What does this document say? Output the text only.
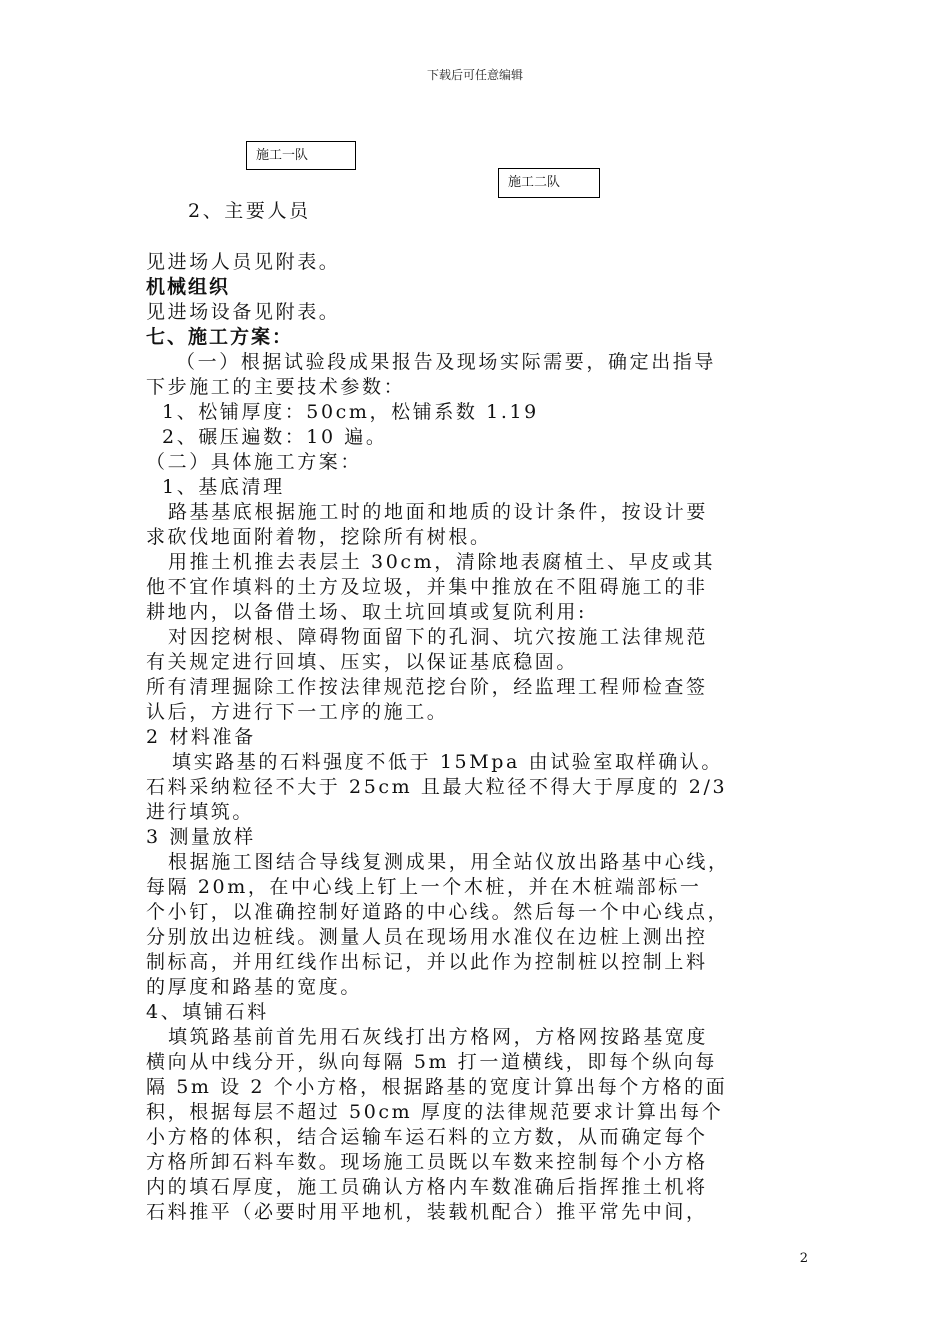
下载后可任意编辑
施工一队
施工二队
2、主要人员
见进场人员见附表。
机械组织
见进场设备见附表。
七、施工方案：
（一）根据试验段成果报告及现场实际需要，确定出指导
下步施工的主要技术参数：
1、松铺厚度：50cm，松铺系数 1.19
2、碾压遍数：10 遍。
（二）具体施工方案：
1、基底清理
路基基底根据施工时的地面和地质的设计条件，按设计要
求砍伐地面附着物，挖除所有树根。
用推土机推去表层土 30cm，清除地表腐植土、早皮或其
他不宜作填料的土方及垃圾，并集中推放在不阻碍施工的非
耕地内，以备借土场、取土坑回填或复阬利用:
对因挖树根、障碍物面留下的孔洞、坑穴按施工法律规范
有关规定进行回填、压实，以保证基底稳固。
所有清理掘除工作按法律规范挖台阶，经监理工程师检查签
认后，方进行下一工序的施工。
2 材料准备
填实路基的石料强度不低于 15Mpa 由试验室取样确认。
石料采纳粒径不大于 25cm 且最大粒径不得大于厚度的 2/3
进行填筑。
3 测量放样
根据施工图结合导线复测成果，用全站仪放出路基中心线，
每隔 20m，在中心线上钉上一个木桩，并在木桩端部标一
个小钉，以准确控制好道路的中心线。然后每一个中心线点，
分别放出边桩线。测量人员在现场用水准仪在边桩上测出控
制标高，并用红线作出标记，并以此作为控制桩以控制上料
的厚度和路基的宽度。
4、填铺石料
填筑路基前首先用石灰线打出方格网，方格网按路基宽度
横向从中线分开，纵向每隔 5m 打一道横线，即每个纵向每
隔 5m 设 2 个小方格，根据路基的宽度计算出每个方格的面
积，根据每层不超过 50cm 厚度的法律规范要求计算出每个
小方格的体积，结合运输车运石料的立方数，从而确定每个
方格所卸石料车数。现场施工员既以车数来控制每个小方格
内的填石厚度，施工员确认方格内车数准确后指挥推土机将
石料推平（必要时用平地机，装载机配合）推平常先中间，
2
